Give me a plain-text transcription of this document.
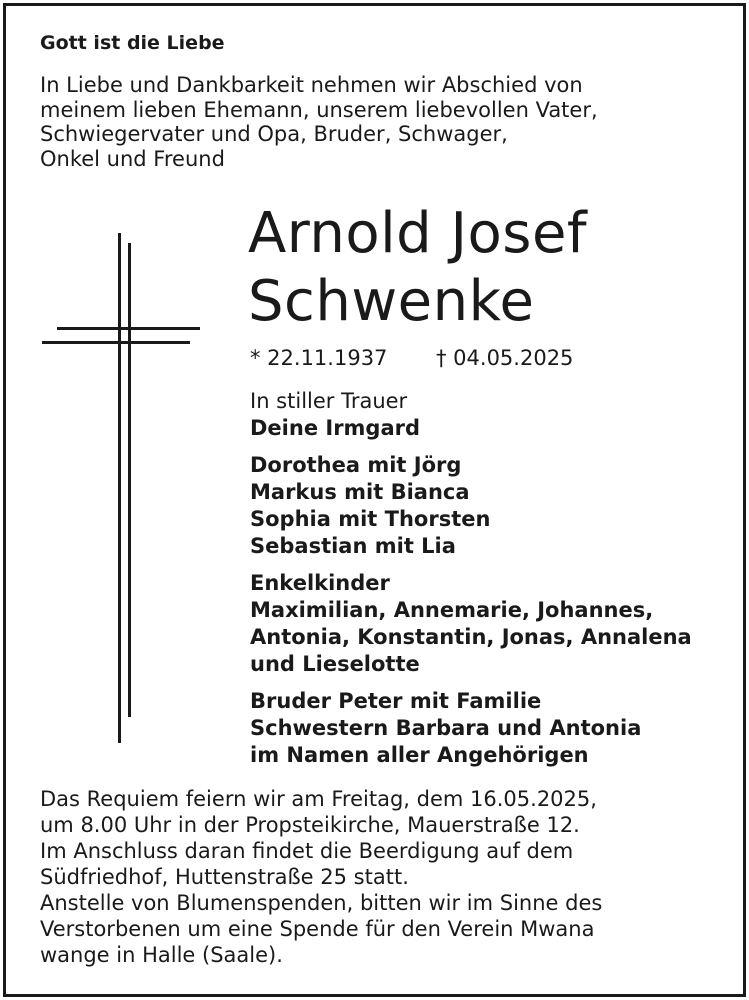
Gott ist die Liebe
In Liebe und Dankbarkeit nehmen wir Abschied von
meinem lieben Ehemann, unserem liebevollen Vater,
Schwiegervater und Opa, Bruder, Schwager,
Onkel und Freund
Arnold Josef
Schwenke
* 22.11.1937 † 04.05.2025
In stiller Trauer
Deine Irmgard
Dorothea mit Jörg
Markus mit Bianca
Sophia mit Thorsten
Sebastian mit Lia
Enkelkinder
Maximilian, Annemarie, Johannes,
Antonia, Konstantin, Jonas, Annalena
und Lieselotte
Bruder Peter mit Familie
Schwestern Barbara und Antonia
im Namen aller Angehörigen
Das Requiem feiern wir am Freitag, dem 16.05.2025,
um 8.00 Uhr in der Propsteikirche, Mauerstraße 12.
Im Anschluss daran findet die Beerdigung auf dem
Südfriedhof, Huttenstraße 25 statt.
Anstelle von Blumenspenden, bitten wir im Sinne des
Verstorbenen um eine Spende für den Verein Mwana
wange in Halle (Saale).
